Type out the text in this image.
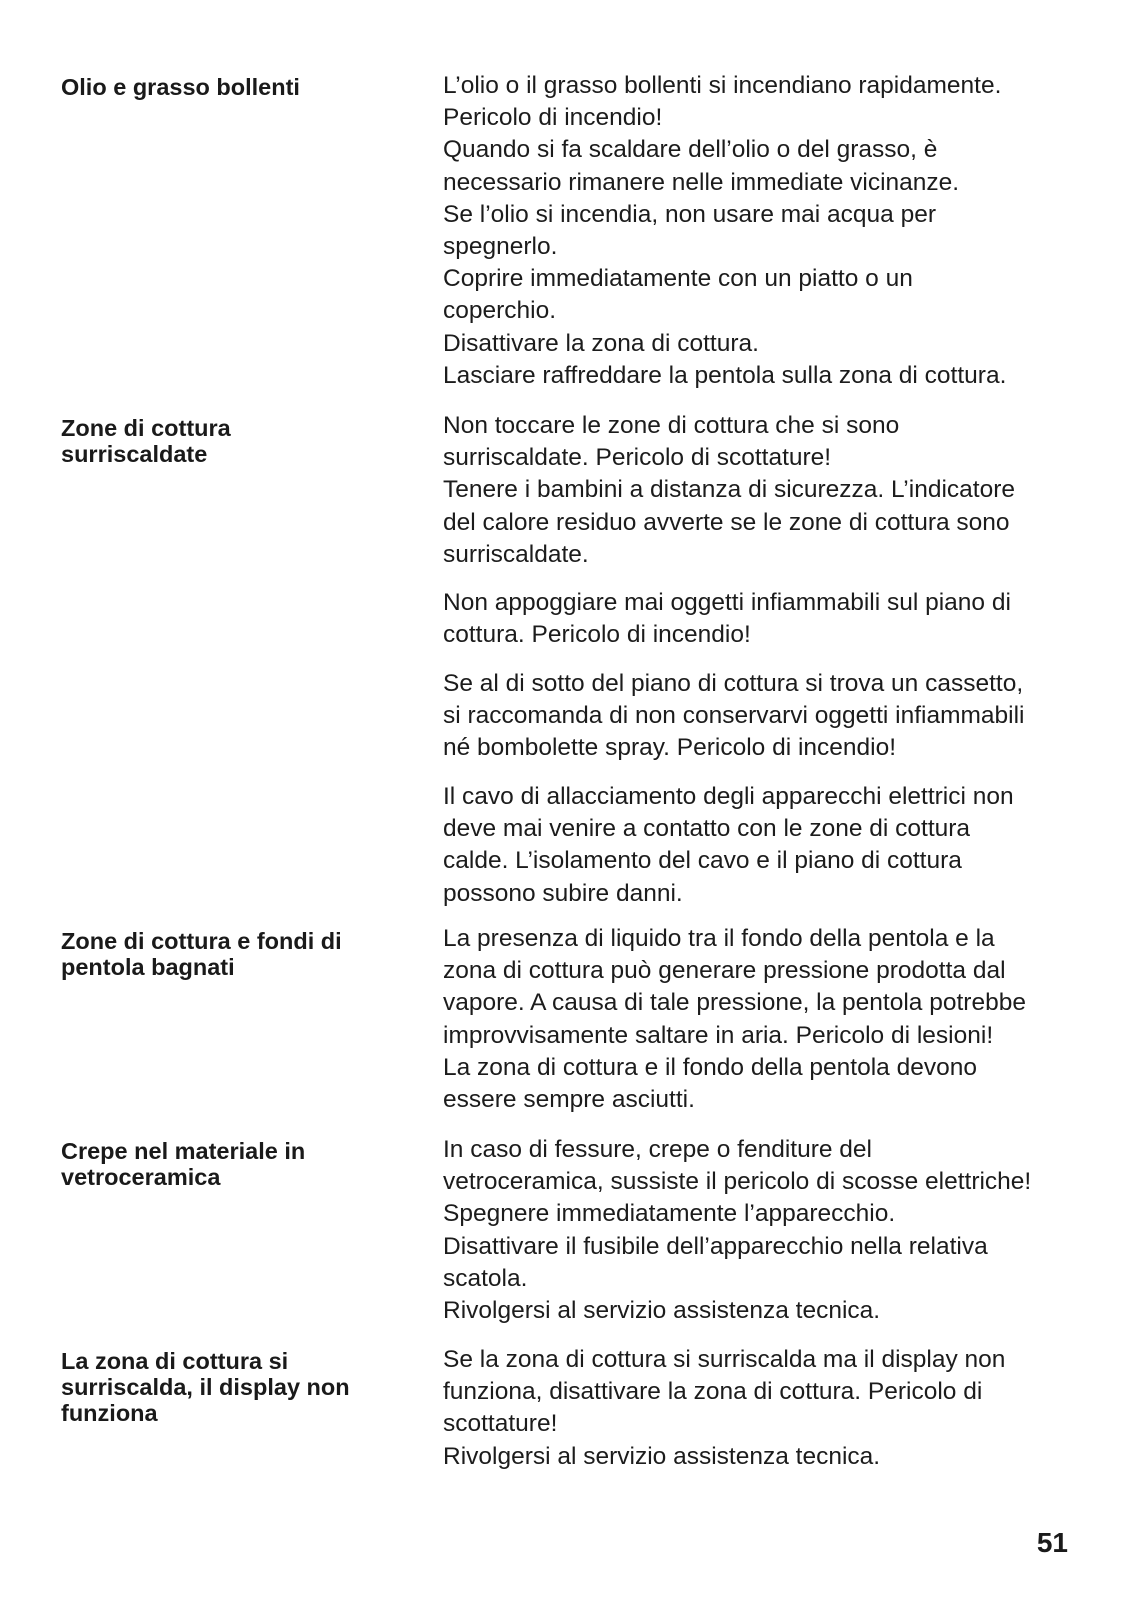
Olio e grasso bollenti	L’olio o il grasso bollenti si incendiano rapidamente.
Pericolo di incendio!
Quando si fa scaldare dell’olio o del grasso, è
necessario rimanere nelle immediate vicinanze.
Se l’olio si incendia, non usare mai acqua per
spegnerlo.
Coprire immediatamente con un piatto o un
coperchio.
Disattivare la zona di cottura.
Lasciare raffreddare la pentola sulla zona di cottura.
Zone di cottura
surriscaldate
Non toccare le zone di cottura che si sono
surriscaldate. Pericolo di scottature!
Tenere i bambini a distanza di sicurezza. L’indicatore
del calore residuo avverte se le zone di cottura sono
surriscaldate.
Non appoggiare mai oggetti infiammabili sul piano di
cottura. Pericolo di incendio!
Se al di sotto del piano di cottura si trova un cassetto,
si raccomanda di non conservarvi oggetti infiammabili
né bombolette spray. Pericolo di incendio!
Il cavo di allacciamento degli apparecchi elettrici non
deve mai venire a contatto con le zone di cottura
calde. L’isolamento del cavo e il piano di cottura
possono subire danni.
Zone di cottura e fondi di
pentola bagnati
La presenza di liquido tra il fondo della pentola e la
zona di cottura può generare pressione prodotta dal
vapore. A causa di tale pressione, la pentola potrebbe
improvvisamente saltare in aria. Pericolo di lesioni!
La zona di cottura e il fondo della pentola devono
essere sempre asciutti.
Crepe nel materiale in
vetroceramica
In caso di fessure, crepe o fenditure del
vetroceramica, sussiste il pericolo di scosse elettriche!
Spegnere immediatamente l’apparecchio.
Disattivare il fusibile dell’apparecchio nella relativa
scatola.
Rivolgersi al servizio assistenza tecnica.
La zona di cottura si
surriscalda, il display non
funziona
Se la zona di cottura si surriscalda ma il display non
funziona, disattivare la zona di cottura. Pericolo di
scottature!
Rivolgersi al servizio assistenza tecnica.
51
